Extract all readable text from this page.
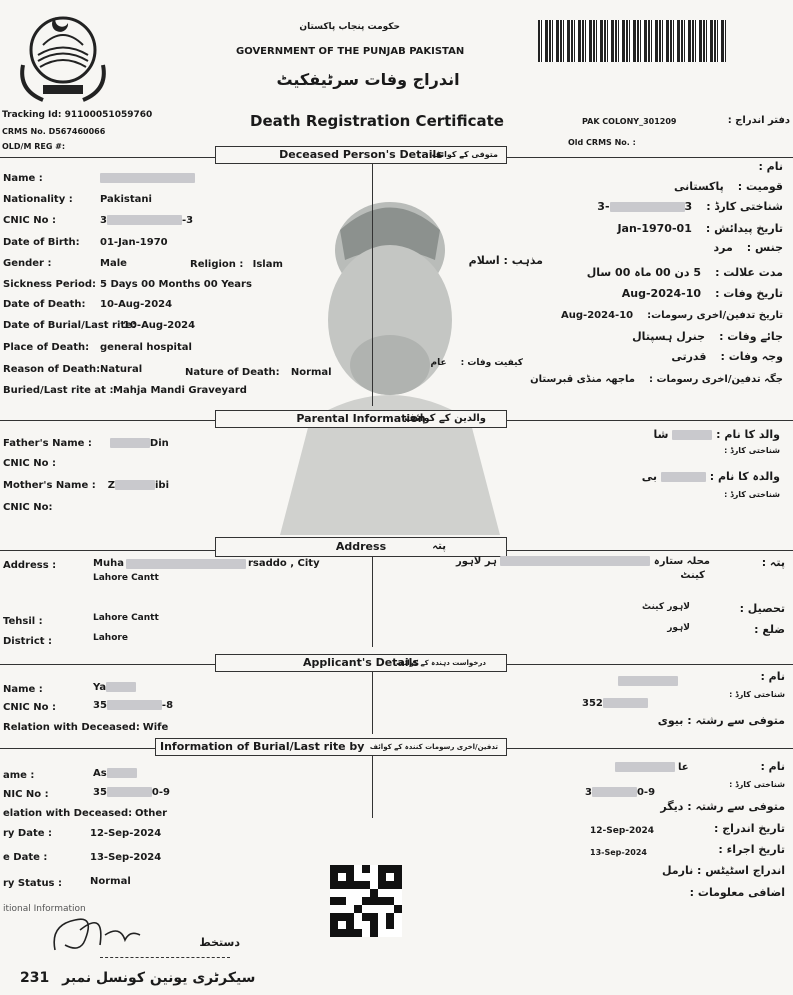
حکومت پنجاب پاکستان
GOVERNMENT OF THE PUNJAB PAKISTAN
اندراج وفات سرٹیفکیٹ
Death Registration Certificate
Tracking Id: 91100051059760
CRMS No. D567460066
OLD/M REG #:
PAK COLONY_301209	دفتر اندراج :
Old CRMS No. :
Deceased Person's Details
متوفی کے کوائف
Name :
Nationality :	Pakistani
CNIC No :	3	-3
Date of Birth: 01-Jan-1970
Gender :	Male
Sickness Period: 5 Days 00 Months 00 Years
Date of Death: 10-Aug-2024
Date of Burial/Last rite:
10-Aug-2024
Place of Death: general hospital
Reason of Death: Natural
Buried/Last rite at : Mahja Mandi Graveyard
Religion : Islam
Nature of Death: Normal
نام :
قومیت :پاکستانی
شناختی کارڈ :3-3
تاریخ پیدائش :01-Jan-1970
جنس :مرد
مذہب : اسلام
مدت علالت :5 دن 00 ماہ 00 سال
تاریخ وفات :10-Aug-2024
تاریخ تدفین/اخری رسومات:10-Aug-2024
جائے وفات :جنرل ہسپتال
وجہ وفات :قدرتی
کیفیت وفات :عام
جگہ تدفین/اخری رسومات :ماجھہ منڈی قبرستان
Parental Information
والدین کے کوائف
Father's Name :	Din
CNIC No :
Mother's Name : Z	ibi
CNIC No:
والد کا نام :  شا
شناختی کارڈ :
والدہ کا نام :  بی
شناختی کارڈ :
Address	پتہ
Address :	Muha	rsaddo , City
Lahore Cantt
Tehsil :	Lahore Cantt
District :	Lahore
پتہ :
محلہ ستارہ  ہر لاہور
کینٹ
تحصیل :
لاہور کینٹ
ضلع :
لاہور
Applicant's Details
درخواست دہندہ کے کوائف
Name :	Ya
CNIC No :	35	-8
Relation with Deceased: Wife
نام :
شناختی کارڈ :
352
متوفی سے رشتہ : بیوی
Information of Burial/Last rite by تدفین/اخری رسومات کنندہ کے کوائف
ame :	As
NIC No :	35	0-9
elation with Deceased: Other
نام :
عا
شناختی کارڈ :
3	0-9
متوفی سے رشتہ : دیگر
ry Date :	12-Sep-2024
e Date :	13-Sep-2024
ry Status :	Normal
itional Information
دستخط
231 سیکرٹری یونین کونسل نمبر
تاریخ اندراج :
12-Sep-2024
تاریخ اجراء :
13-Sep-2024
اندراج اسٹیٹس : نارمل
اضافی معلومات :
